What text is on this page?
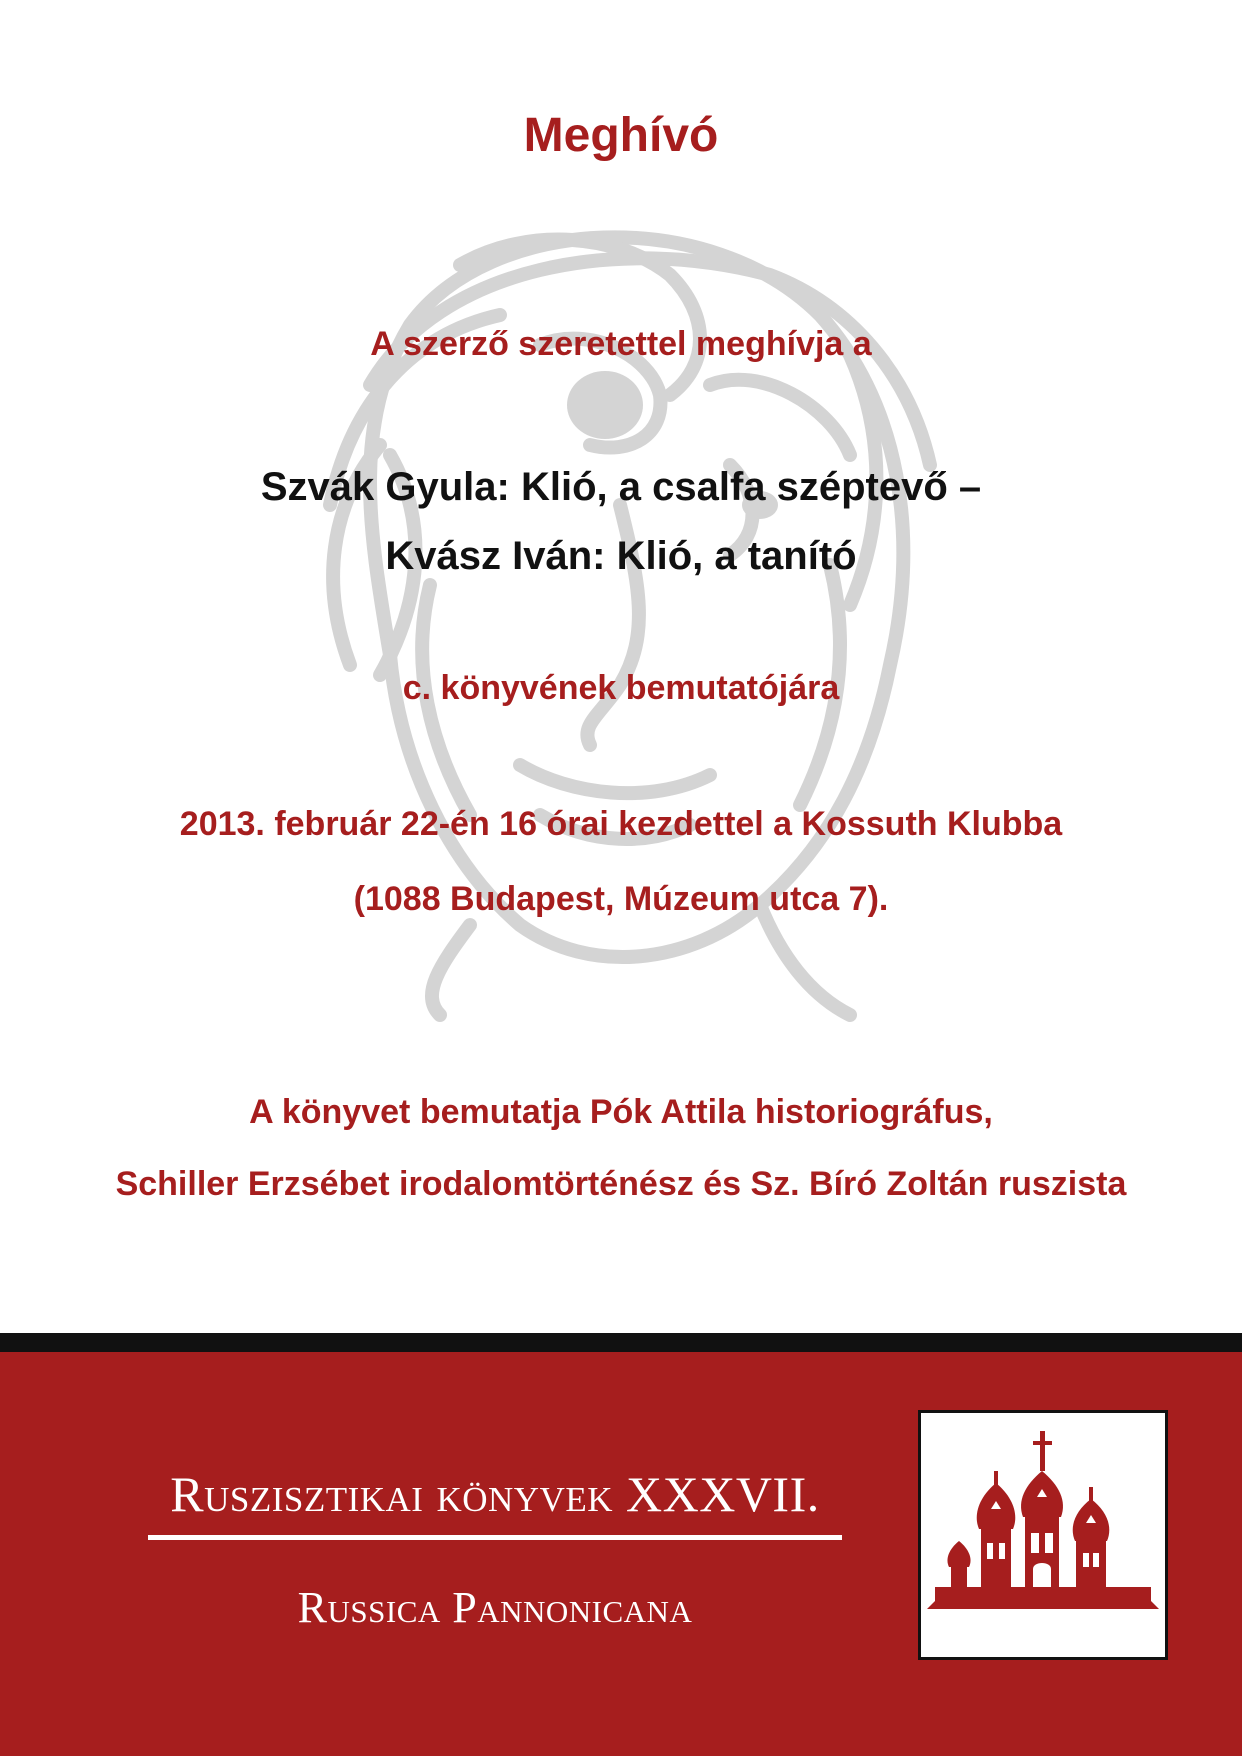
Meghívó
A szerző szeretettel meghívja a
Szvák Gyula: Klió, a csalfa széptevő –
Kvász Iván: Klió, a tanító
c. könyvének bemutatójára
2013. február 22-én 16 órai kezdettel a Kossuth Klubba
(1088 Budapest, Múzeum utca 7).
A könyvet bemutatja Pók Attila historiográfus,
Schiller Erzsébet irodalomtörténész és Sz. Bíró Zoltán ruszista
Ruszisztikai könyvek XXXVII.
Russica Pannonicana
